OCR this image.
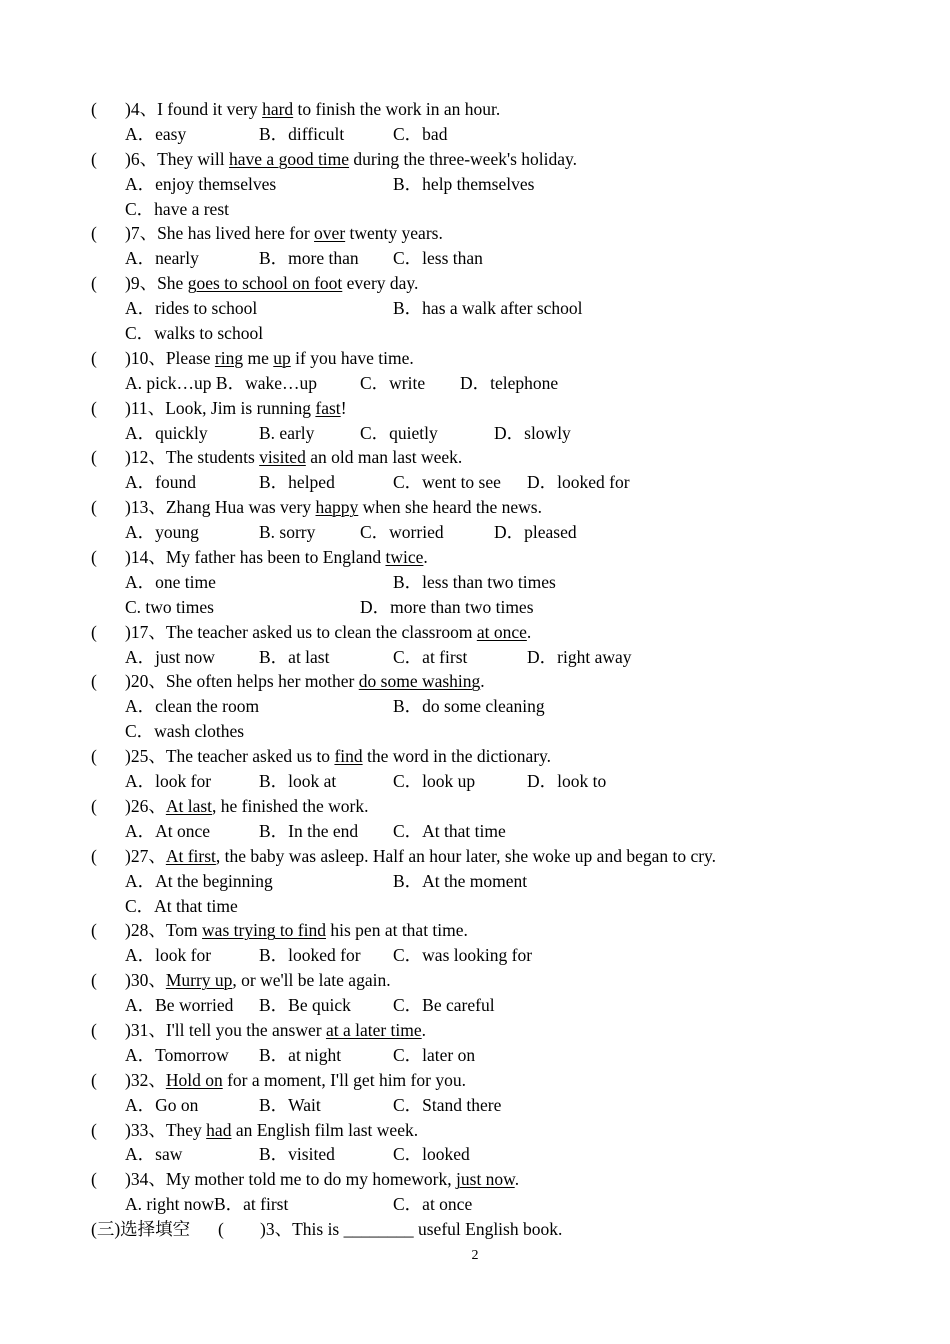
( )4、I found it very hard to finish the work in an hour.
A．easy	B．difficult	C．bad
( )6、They will have a good time during the three-week's holiday.
A．enjoy themselves	B．help themselves
C．have a rest
( )7、She has lived here for over twenty years.
A．nearly	B．more than C．less than
( )9、She goes to school on foot every day.
A．rides to school	B．has a walk after school
C．walks to school
( )10、Please ring me up if you have time.
A. pick…up B．wake…up C．write D．telephone
( )11、Look, Jim is running fast!
A．quickly	B. early	C．quietly	D．slowly
( )12、The students visited an old man last week.
A．found	B．helped	C．went to see D．looked for
( )13、Zhang Hua was very happy when she heard the news.
A．young	B. sorry	C．worried	D．pleased
( )14、My father has been to England twice.
A．one time	B．less than two times
C. two times	D．more than two times
( )17、The teacher asked us to clean the classroom at once.
A．just now	B．at last	C．at first	D．right away
( )20、She often helps her mother do some washing.
A．clean the room	B．do some cleaning
C．wash clothes
( )25、The teacher asked us to find the word in the dictionary.
A．look for	B．look at	C．look up	D．look to
( )26、At last, he finished the work.
A．At once	B．In the end C．At that time
( )27、At first, the baby was asleep. Half an hour later, she woke up and began to cry.
A．At the beginning	B．At the moment
C．At that time
( )28、Tom was trying to find his pen at that time.
A．look for	B．looked for C．was looking for
( )30、Murry up, or we'll be late again.
A．Be worried B．Be quick C．Be careful
( )31、I'll tell you the answer at a later time.
A．Tomorrow B．at night	C．later on
( )32、Hold on for a moment, I'll get him for you.
A．Go on	B．Wait	C．Stand there
( )33、They had an English film last week.
A．saw	B．visited	C．looked
( )34、My mother told me to do my homework, just now.
A. right nowB．at first	C．at once
(三)选择填空 ( )3、This is ________ useful English book.
2
